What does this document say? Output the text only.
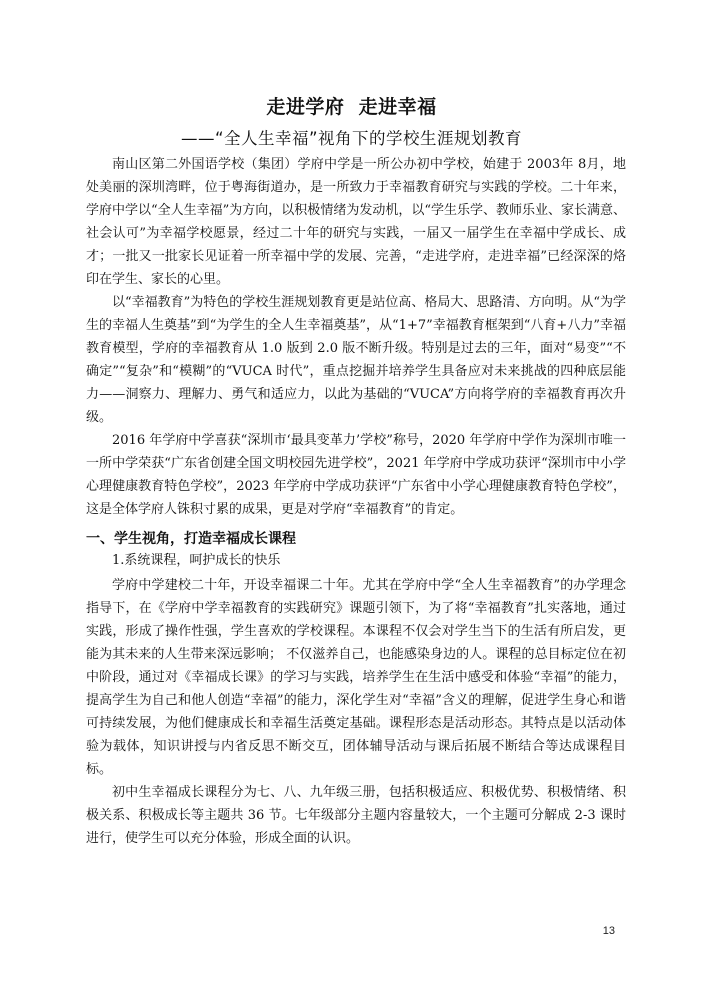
走进学府  走进幸福
——“全人生幸福”视角下的学校生涯规划教育

南山区第二外国语学校（集团）学府中学是一所公办初中学校，始建于 2003年 8月，地处美丽的深圳湾畔，位于粤海街道办，是一所致力于幸福教育研究与实践的学校。二十年来，学府中学以“全人生幸福”为方向，以积极情绪为发动机，以“学生乐学、教师乐业、家长满意、社会认可”为幸福学校愿景，经过二十年的研究与实践，一届又一届学生在幸福中学成长、成才；一批又一批家长见证着一所幸福中学的发展、完善，“走进学府，走进幸福”已经深深的烙印在学生、家长的心里。

以“幸福教育”为特色的学校生涯规划教育更是站位高、格局大、思路清、方向明。从“为学生的幸福人生奠基”到“为学生的全人生幸福奠基”，从“1+7”幸福教育框架到“八育+八力”幸福教育模型，学府的幸福教育从 1.0 版到 2.0 版不断升级。特别是过去的三年，面对“易变”“不确定”“复杂”和“模糊”的“VUCA 时代”，重点挖掘并培养学生具备应对未来挑战的四种底层能力——洞察力、理解力、勇气和适应力，以此为基础的“VUCA”方向将学府的幸福教育再次升级。

2016 年学府中学喜获“深圳市‘最具变革力’学校”称号，2020 年学府中学作为深圳市唯一一所中学荣获“广东省创建全国文明校园先进学校”，2021 年学府中学成功获评“深圳市中小学心理健康教育特色学校”，2023 年学府中学成功获评“广东省中小学心理健康教育特色学校”，这是全体学府人铢积寸累的成果，更是对学府“幸福教育”的肯定。

一、学生视角，打造幸福成长课程
1.系统课程，呵护成长的快乐

学府中学建校二十年，开设幸福课二十年。尤其在学府中学“全人生幸福教育”的办学理念指导下，在《学府中学幸福教育的实践研究》课题引领下，为了将“幸福教育”扎实落地，通过实践，形成了操作性强，学生喜欢的学校课程。本课程不仅会对学生当下的生活有所启发，更能为其未来的人生带来深远影响； 不仅滋养自己，也能感染身边的人。课程的总目标定位在初中阶段，通过对《幸福成长课》的学习与实践，培养学生在生活中感受和体验“幸福”的能力，提高学生为自己和他人创造“幸福”的能力，深化学生对“幸福”含义的理解，促进学生身心和谐可持续发展，为他们健康成长和幸福生活奠定基础。课程形态是活动形态。其特点是以活动体验为载体，知识讲授与内省反思不断交互，团体辅导活动与课后拓展不断结合等达成课程目标。

初中生幸福成长课程分为七、八、九年级三册，包括积极适应、积极优势、积极情绪、积极关系、积极成长等主题共 36 节。七年级部分主题内容量较大，一个主题可分解成 2-3 课时进行，使学生可以充分体验，形成全面的认识。

13
